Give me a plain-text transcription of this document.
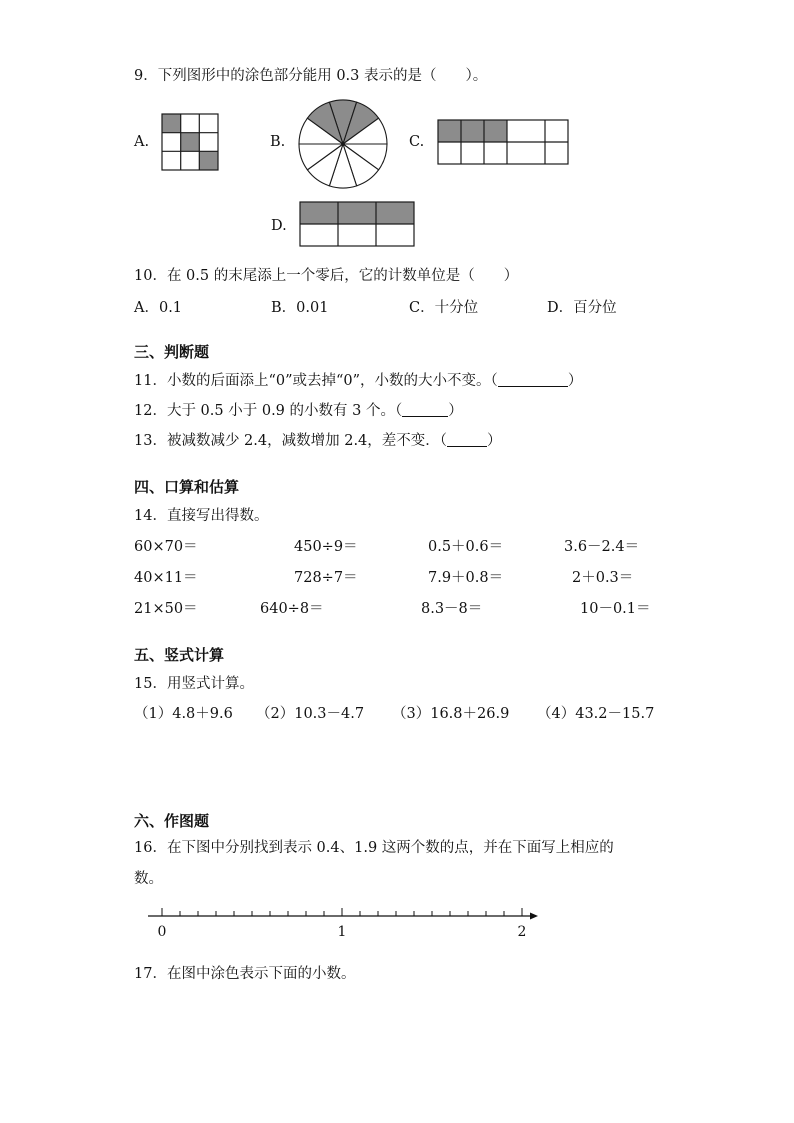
9．下列图形中的涂色部分能用 0.3 表示的是（　　）。
A.	B.	C.
D.
10．在 0.5 的末尾添上一个零后，它的计数单位是（　　）
A．0.1	B．0.01	C．十分位	D．百分位
三、判断题
11．小数的后面添上“0”或去掉“0”，小数的大小不变。（	）
12．大于 0.5 小于 0.9 的小数有 3 个。（	）
13．被减数减少 2.4，减数增加 2.4，差不变．（	）
四、口算和估算
14．直接写出得数。
60×70＝	450÷9＝	0.5＋0.6＝	3.6－2.4＝
40×11＝	728÷7＝	7.9＋0.8＝	2＋0.3＝
21×50＝	640÷8＝	8.3－8＝	10－0.1＝
五、竖式计算
15．用竖式计算。
（1）4.8＋9.6 （2）10.3－4.7 （3）16.8＋26.9 （4）43.2－15.7
六、作图题
16．在下图中分别找到表示 0.4、1.9 这两个数的点，并在下面写上相应的
数。
0	1	2
17．在图中涂色表示下面的小数。
